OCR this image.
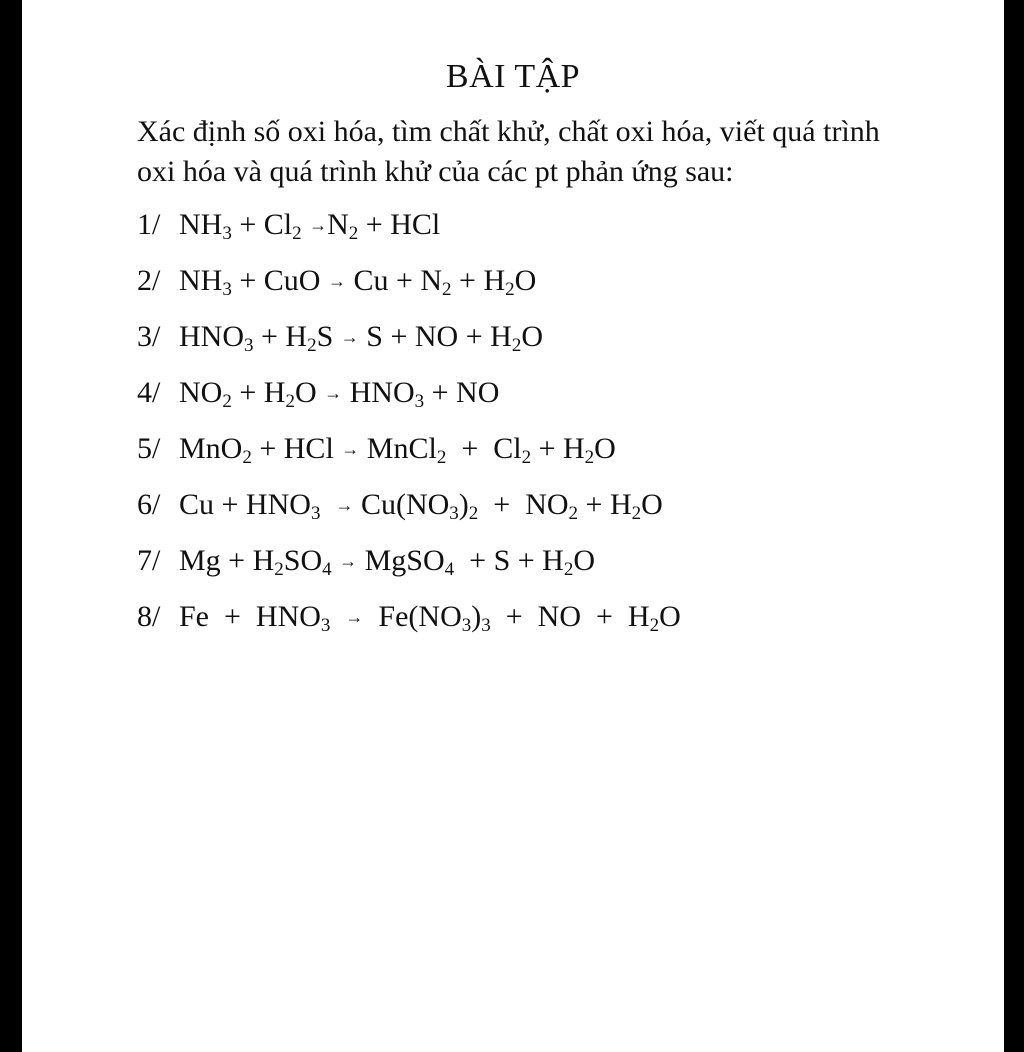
BÀI TẬP
Xác định số oxi hóa, tìm chất khử, chất oxi hóa, viết quá trình oxi hóa và quá trình khử của các pt phản ứng sau:
1/ $NH_3 + Cl_2 \to N_2$ + HCl
2/ $NH_3$ + CuO → $Cu + N_2 + H_2O$
3/ $HNO_3 + H_2S \to S$ + NO + $H_2O$
4/ $NO_2 + H_2O \to HNO_3$ + NO
5/ MnO$_2$ + HCl → MnCl$_2$  +  $Cl_2 + H_2O$
6/ $Cu + HNO_3 \to Cu(NO_3)_2 + NO_2 + H_2O$
7/ $Mg + H_2SO_4$ → MgSO$_4$  + $S + H_2O$
8/ $Fe + HNO_3 \to Fe(NO_3)_3$  +  NO  +  $H_2O$
